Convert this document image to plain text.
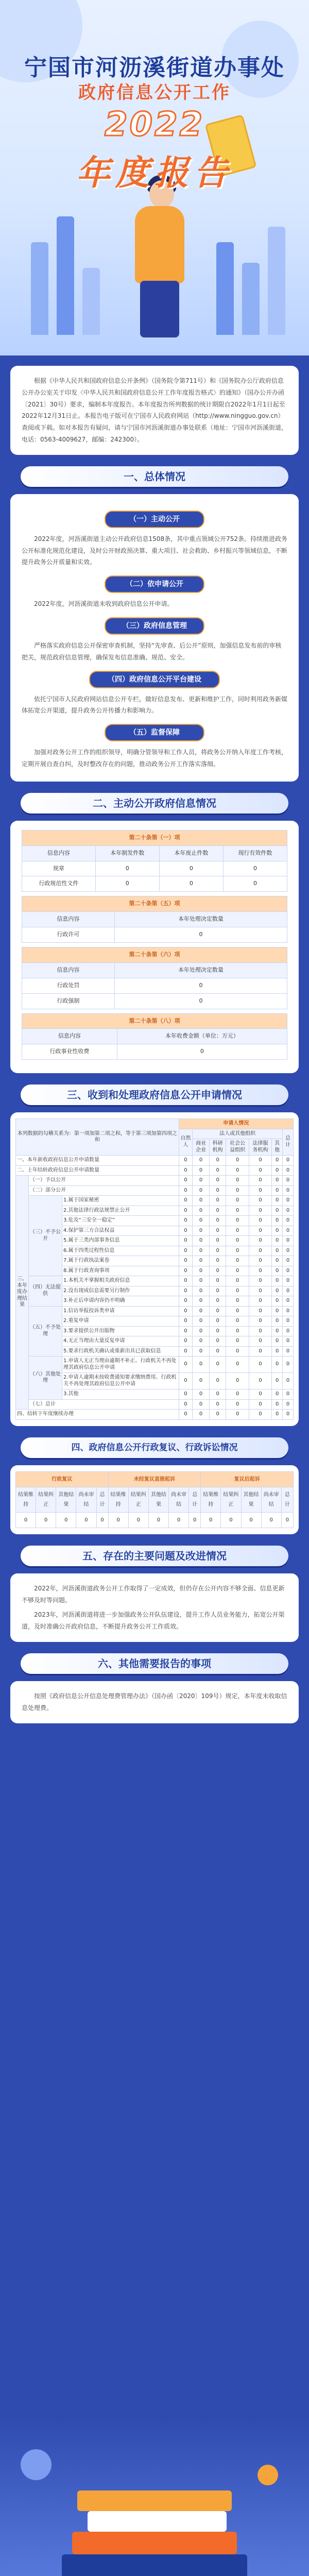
宁国市河沥溪街道办事处
政府信息公开工作
2022
年度报告

根据《中华人民共和国政府信息公开条例》（国务院令第711号）和《国务院办公厅政府信息公开办公室关于印发〈中华人民共和国政府信息公开工作年度报告格式〉的通知》（国办公开办函〔2021〕30号）要求，编制本年度报告。本年度报告所列数据的统计期限自2022年1月1日起至2022年12月31日止。本报告电子版可在宁国市人民政府网站（http://www.ningguo.gov.cn）查阅或下载。如对本报告有疑问，请与宁国市河沥溪街道办事处联系（地址：宁国市河沥溪街道，电话：0563-4009627，邮编：242300）。

一、总体情况
（一）主动公开

2022年度，河沥溪街道主动公开政府信息1508条，其中重点领域公开752条。持续推进政务公开标准化规范化建设，及时公开财政预决算、重大项目、社会救助、乡村振兴等领域信息，不断提升政务公开质量和实效。

（二）依申请公开

2022年度，河沥溪街道未收到政府信息公开申请。

（三）政府信息管理

严格落实政府信息公开保密审查机制，坚持“先审查、后公开”原则，加强信息发布前的审核把关，规范政府信息管理，确保发布信息准确、规范、安全。

（四）政府信息公开平台建设

依托宁国市人民政府网站信息公开专栏，做好信息发布、更新和维护工作，同时利用政务新媒体拓宽公开渠道，提升政务公开传播力和影响力。

（五）监督保障

加强对政务公开工作的组织领导，明确分管领导和工作人员，将政务公开纳入年度工作考核，定期开展自查自纠，及时整改存在的问题，推动政务公开工作落实落细。

二、主动公开政府信息情况
第二十条第（一）项			
信息内容	本年制发件数	本年废止件数	现行有效件数
规章	0	0	0
行政规范性文件	0	0	0
第二十条第（五）项	
信息内容	本年处理决定数量
行政许可	0
第二十条第（六）项	
信息内容	本年处理决定数量
行政处罚	0
行政强制	0
第二十条第（八）项	
信息内容	本年收费金额（单位：万元）
行政事业性收费	0
三、收到和处理政府信息公开申请情况
本列数据的勾稽关系为：第一项加第二项之和，等于第三项加第四项之和			申请人情况						
			自然人	法人或其他组织					总计
				商业企业	科研机构	社会公益组织	法律服务机构	其他	
一、本年新收政府信息公开申请数量			0	0	0	0	0	0	0
二、上年结转政府信息公开申请数量			0	0	0	0	0	0	0
三、本年度办理结果	（一）予以公开		0	0	0	0	0	0	0
	（二）部分公开		0	0	0	0	0	0	0
	（三）不予公开	1.属于国家秘密	0	0	0	0	0	0	0
		2.其他法律行政法规禁止公开	0	0	0	0	0	0	0
		3.危及“三安全一稳定”	0	0	0	0	0	0	0
		4.保护第三方合法权益	0	0	0	0	0	0	0
		5.属于三类内部事务信息	0	0	0	0	0	0	0
		6.属于四类过程性信息	0	0	0	0	0	0	0
		7.属于行政执法案卷	0	0	0	0	0	0	0
		8.属于行政查询事项	0	0	0	0	0	0	0
	（四）无法提供	1.本机关不掌握相关政府信息	0	0	0	0	0	0	0
		2.没有现成信息需要另行制作	0	0	0	0	0	0	0
		3.补正后申请内容仍不明确	0	0	0	0	0	0	0
	（五）不予处理	1.信访举报投诉类申请	0	0	0	0	0	0	0
		2.重复申请	0	0	0	0	0	0	0
		3.要求提供公开出版物	0	0	0	0	0	0	0
		4.无正当理由大量反复申请	0	0	0	0	0	0	0
		5.要求行政机关确认或重新出具已获取信息	0	0	0	0	0	0	0
	（六）其他处理	1.申请人无正当理由逾期不补正、行政机关不再处理其政府信息公开申请	0	0	0	0	0	0	0
		2.申请人逾期未按收费通知要求缴纳费用、行政机关不再处理其政府信息公开申请	0	0	0	0	0	0	0
		3.其他	0	0	0	0	0	0	0
	（七）总计		0	0	0	0	0	0	0
四、结转下年度继续办理			0	0	0	0	0	0	0
四、政府信息公开行政复议、行政诉讼情况
行政复议					未经复议直接起诉					复议后起诉				
结果维持	结果纠正	其他结果	尚未审结	总计	结果维持	结果纠正	其他结果	尚未审结	总计	结果维持	结果纠正	其他结果	尚未审结	总计
0	0	0	0	0	0	0	0	0	0	0	0	0	0	0
五、存在的主要问题及改进情况

2022年，河沥溪街道政务公开工作取得了一定成效，但仍存在公开内容不够全面、信息更新不够及时等问题。

2023年，河沥溪街道将进一步加强政务公开队伍建设，提升工作人员业务能力，拓宽公开渠道，及时准确公开政府信息，不断提升政务公开工作质效。

六、其他需要报告的事项

按照《政府信息公开信息处理费管理办法》（国办函〔2020〕109号）规定，本年度未收取信息处理费。
